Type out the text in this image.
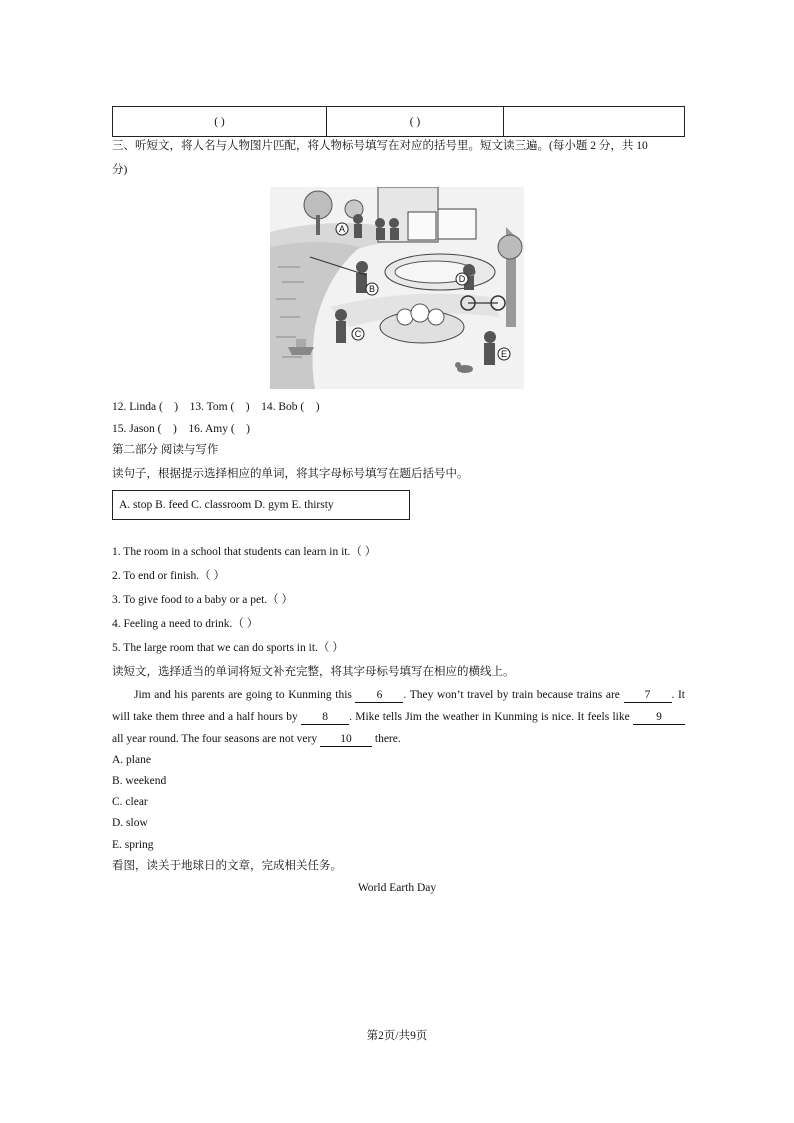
( )	( )	
三、听短文，将人名与人物图片匹配，将人物标号填写在对应的括号里。短文读三遍。(每小题 2 分，共 10
分)
A
B
C
D
E
12. Linda (    )    13. Tom (    )    14. Bob (    )
15. Jason (    )    16. Amy (    )
第二部分 阅读与写作
读句子，根据提示选择相应的单词，将其字母标号填写在题后括号中。
A. stop B. feed C. classroom D. gym E. thirsty
1. The room in a school that students can learn in it.（ ）
2. To end or finish.（ ）
3. To give food to a baby or a pet.（ ）
4. Feeling a need to drink.（ ）
5. The large room that we can do sports in it.（ ）
读短文，选择适当的单词将短文补充完整，将其字母标号填写在相应的横线上。
Jim and his parents are going to Kunming this 6 . They won’t travel by train because trains are 7 . It will take them three and a half hours by 8 . Mike tells Jim the weather in Kunming is nice. It feels like 9 all year round. The four seasons are not very 10 there.
A. plane
B. weekend
C. clear
D. slow
E. spring
看图，读关于地球日的文章，完成相关任务。
World Earth Day
第2页/共9页
